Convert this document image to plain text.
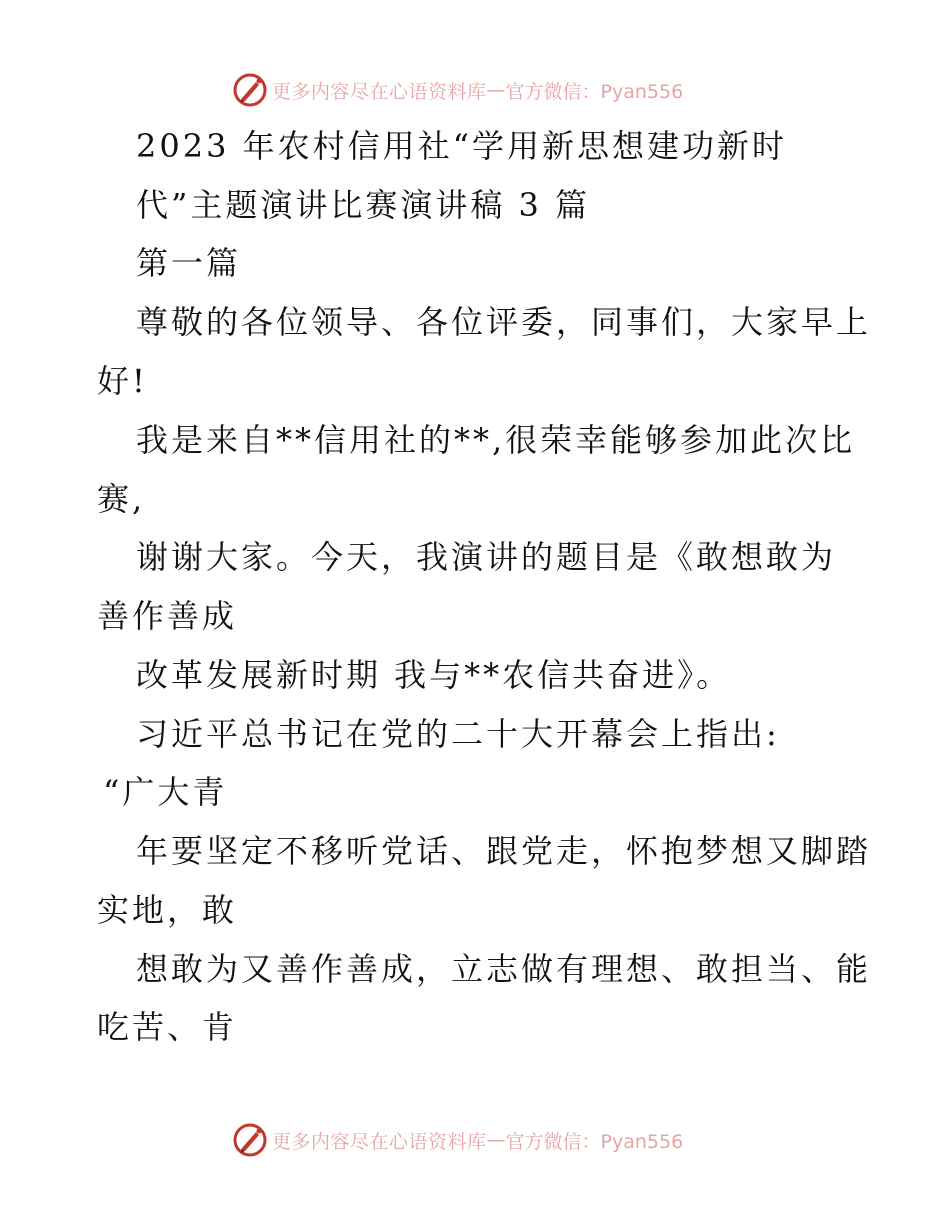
更多内容尽在心语资料库 — 官方微信：Pyan556
2023 年农村信用社“学用新思想建功新时
代”主题演讲比赛演讲稿 3 篇
第一篇
尊敬的各位领导、各位评委，同事们，大家早上
好!
我是来自**信用社的**,很荣幸能够参加此次比
赛,
谢谢大家。今天，我演讲的题目是《敢想敢为
善作善成
改革发展新时期 我与**农信共奋进》。
习近平总书记在党的二十大开幕会上指出:
“广大青
年要坚定不移听党话、跟党走，怀抱梦想又脚踏
实地，敢
想敢为又善作善成，立志做有理想、敢担当、能
吃苦、肯
更多内容尽在心语资料库 — 官方微信：Pyan556
